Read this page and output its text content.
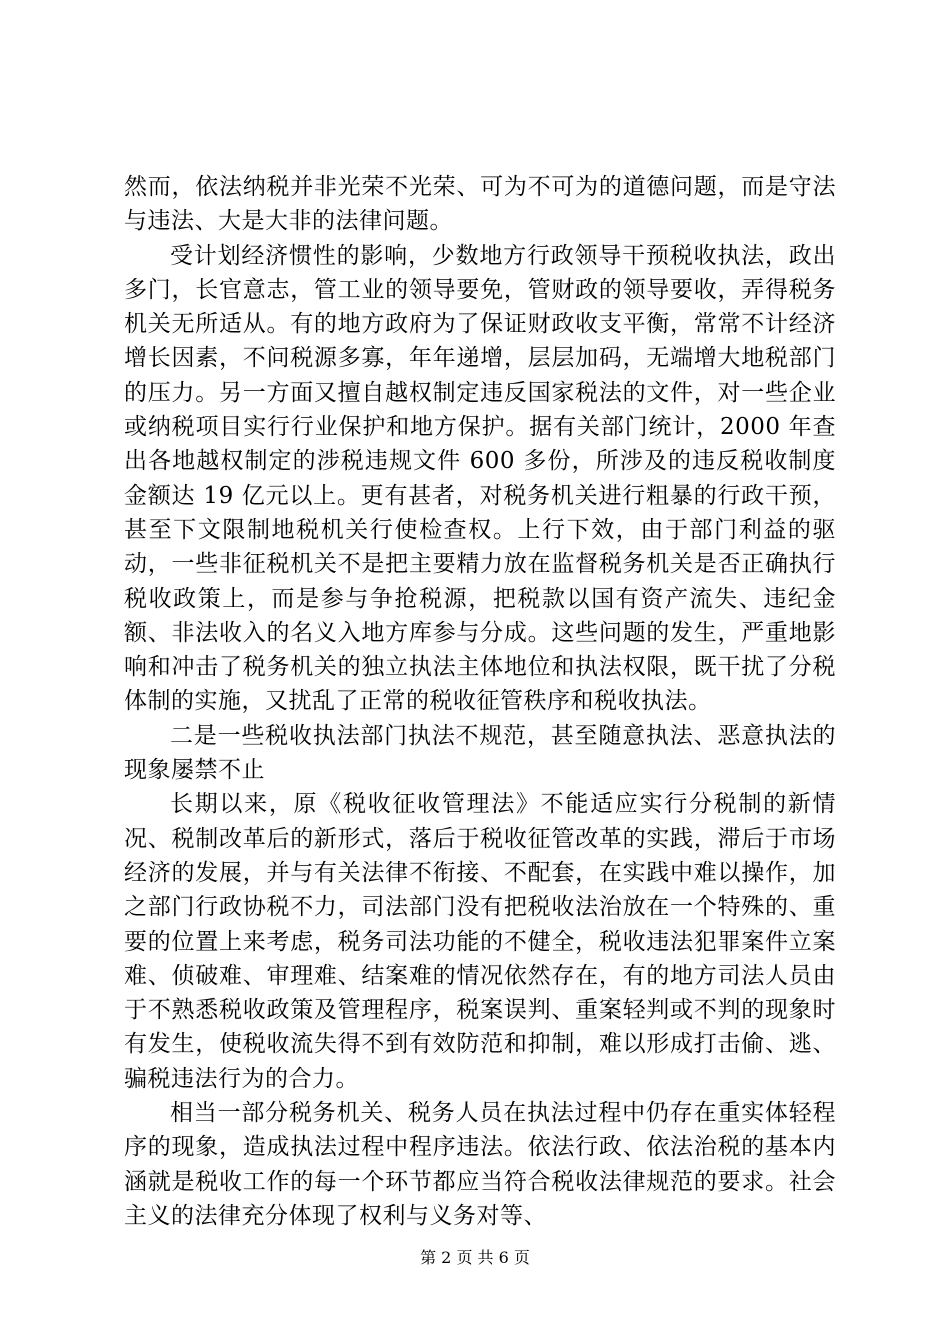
然而，依法纳税并非光荣不光荣、可为不可为的道德问题，而是守法与违法、大是大非的法律问题。

受计划经济惯性的影响，少数地方行政领导干预税收执法，政出多门，长官意志，管工业的领导要免，管财政的领导要收，弄得税务机关无所适从。有的地方政府为了保证财政收支平衡，常常不计经济增长因素，不问税源多寡，年年递增，层层加码，无端增大地税部门的压力。另一方面又擅自越权制定违反国家税法的文件，对一些企业或纳税项目实行行业保护和地方保护。据有关部门统计，2000 年查出各地越权制定的涉税违规文件 600 多份，所涉及的违反税收制度金额达 19 亿元以上。更有甚者，对税务机关进行粗暴的行政干预，甚至下文限制地税机关行使检查权。上行下效，由于部门利益的驱动，一些非征税机关不是把主要精力放在监督税务机关是否正确执行税收政策上，而是参与争抢税源，把税款以国有资产流失、违纪金额、非法收入的名义入地方库参与分成。这些问题的发生，严重地影响和冲击了税务机关的独立执法主体地位和执法权限，既干扰了分税体制的实施，又扰乱了正常的税收征管秩序和税收执法。

二是一些税收执法部门执法不规范，甚至随意执法、恶意执法的现象屡禁不止

长期以来，原《税收征收管理法》不能适应实行分税制的新情况、税制改革后的新形式，落后于税收征管改革的实践，滞后于市场经济的发展，并与有关法律不衔接、不配套，在实践中难以操作，加之部门行政协税不力，司法部门没有把税收法治放在一个特殊的、重要的位置上来考虑，税务司法功能的不健全，税收违法犯罪案件立案难、侦破难、审理难、结案难的情况依然存在，有的地方司法人员由于不熟悉税收政策及管理程序，税案误判、重案轻判或不判的现象时有发生，使税收流失得不到有效防范和抑制，难以形成打击偷、逃、骗税违法行为的合力。

相当一部分税务机关、税务人员在执法过程中仍存在重实体轻程序的现象，造成执法过程中程序违法。依法行政、依法治税的基本内涵就是税收工作的每一个环节都应当符合税收法律规范的要求。社会主义的法律充分体现了权利与义务对等、

第 2 页 共 6 页
